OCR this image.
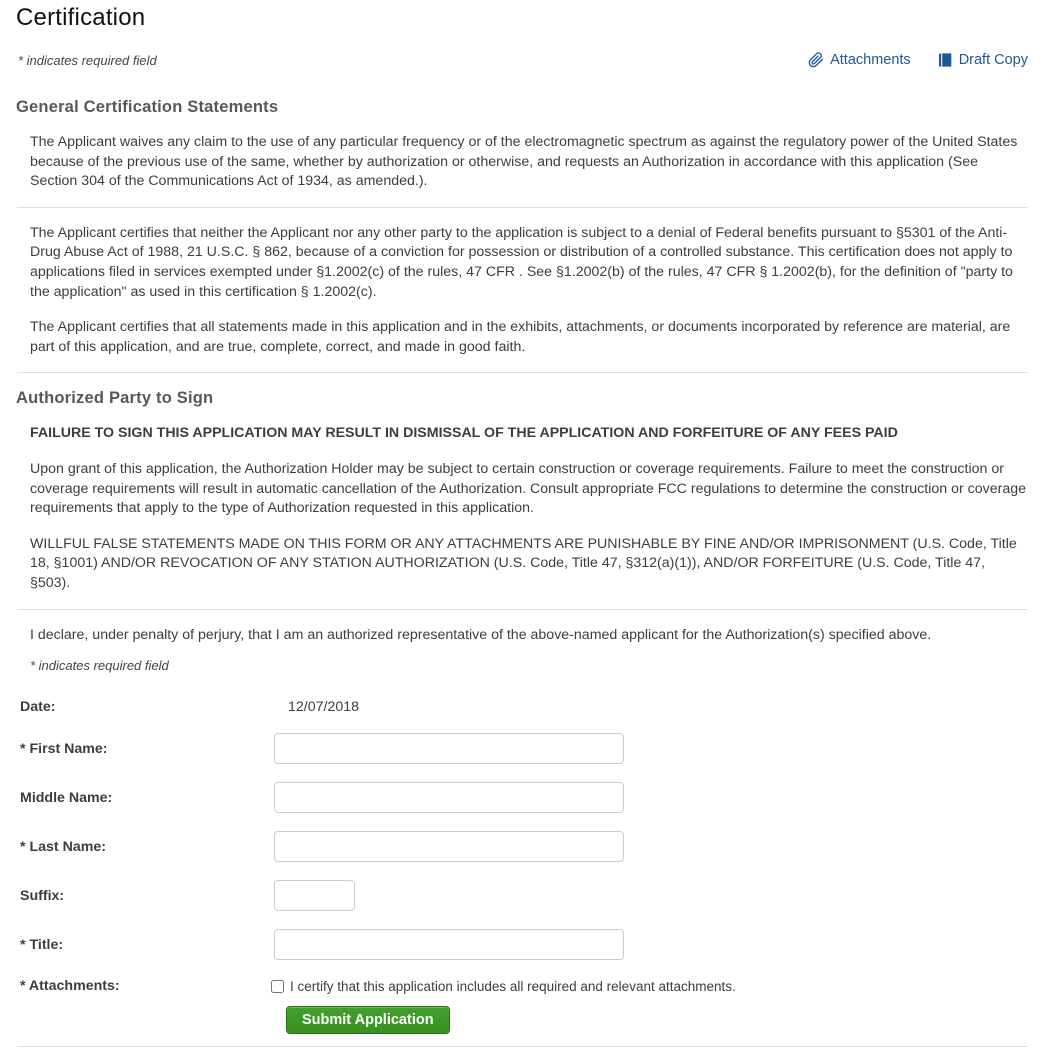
Certification
* indicates required field	Attachments	Draft Copy
General Certification Statements

The Applicant waives any claim to the use of any particular frequency or of the electromagnetic spectrum as against the regulatory power of the United States because of the previous use of the same, whether by authorization or otherwise, and requests an Authorization in accordance with this application (See Section 304 of the Communications Act of 1934, as amended.).

The Applicant certifies that neither the Applicant nor any other party to the application is subject to a denial of Federal benefits pursuant to §5301 of the Anti-Drug Abuse Act of 1988, 21 U.S.C. § 862, because of a conviction for possession or distribution of a controlled substance. This certification does not apply to applications filed in services exempted under §1.2002(c) of the rules, 47 CFR . See §1.2002(b) of the rules, 47 CFR § 1.2002(b), for the definition of "party to the application" as used in this certification § 1.2002(c).

The Applicant certifies that all statements made in this application and in the exhibits, attachments, or documents incorporated by reference are material, are part of this application, and are true, complete, correct, and made in good faith.

Authorized Party to Sign

FAILURE TO SIGN THIS APPLICATION MAY RESULT IN DISMISSAL OF THE APPLICATION AND FORFEITURE OF ANY FEES PAID

Upon grant of this application, the Authorization Holder may be subject to certain construction or coverage requirements. Failure to meet the construction or coverage requirements will result in automatic cancellation of the Authorization. Consult appropriate FCC regulations to determine the construction or coverage requirements that apply to the type of Authorization requested in this application.

WILLFUL FALSE STATEMENTS MADE ON THIS FORM OR ANY ATTACHMENTS ARE PUNISHABLE BY FINE AND/OR IMPRISONMENT (U.S. Code, Title 18, §1001) AND/OR REVOCATION OF ANY STATION AUTHORIZATION (U.S. Code, Title 47, §312(a)(1)), AND/OR FORFEITURE (U.S. Code, Title 47, §503).

I declare, under penalty of perjury, that I am an authorized representative of the above-named applicant for the Authorization(s) specified above.

* indicates required field

Date:	12/07/2018
* First Name:
Middle Name:
* Last Name:
Suffix:
* Title:
* Attachments:	I certify that this application includes all required and relevant attachments.
Submit Application
